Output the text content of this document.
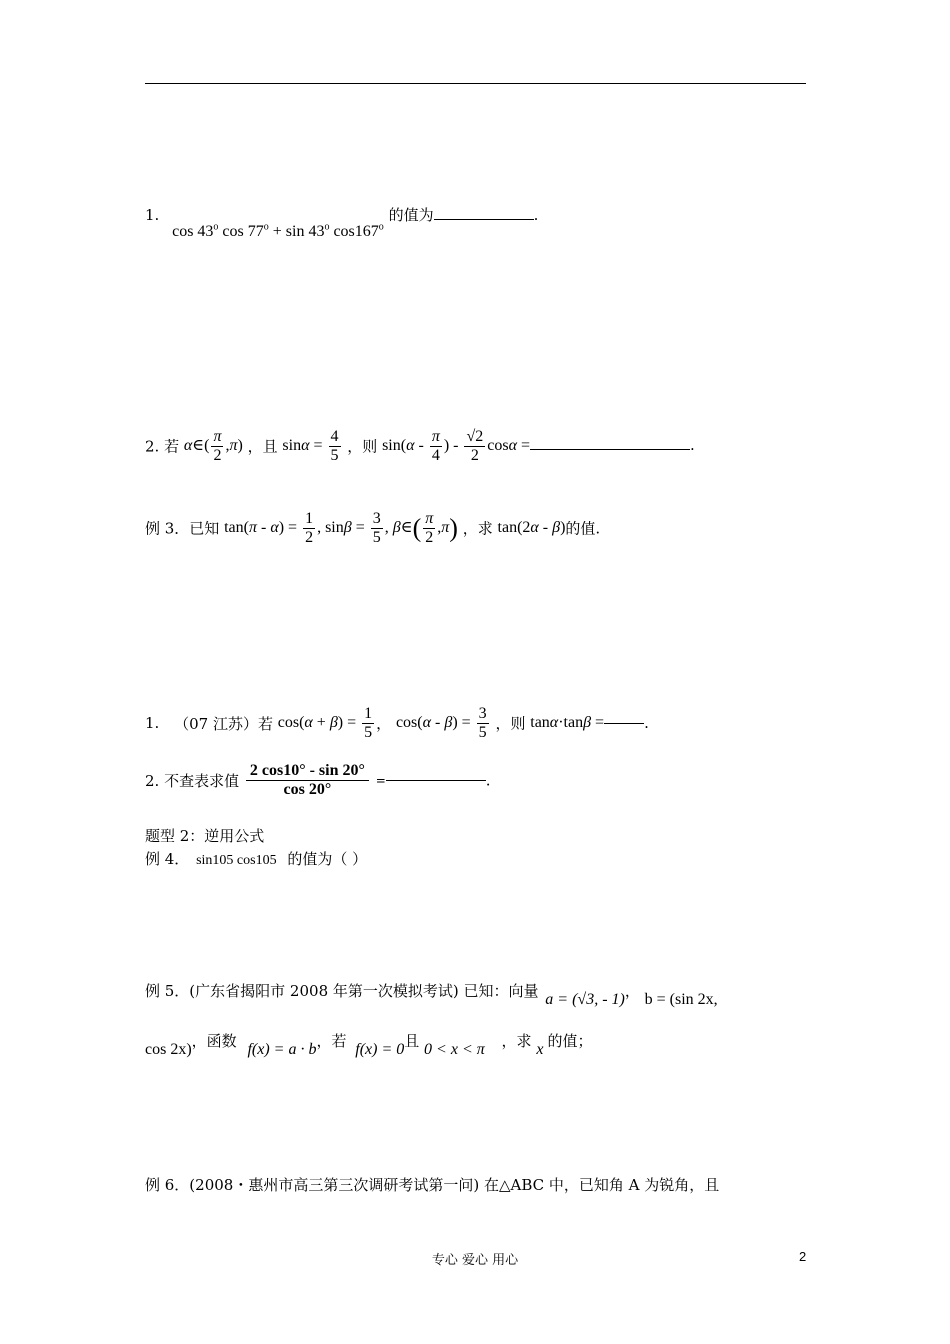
1. cos 43$^o$ $\cos 77^o + \sin 43^o$ cos167$^o$ 的值为	.
2. 若 α∈( $\frac{\pi}{2} ,\pi$) ，且 $\sin\alpha = \frac{4}{5}$ ，则 $\sin(\alpha - \frac{\pi}{4}$ ) - $\frac{√2}{2}$ cosα =	.
例 3．已知 $\tan(\pi - \alpha) = \frac{1}{2}$ , $\sin\beta = \frac{3}{5}$ , β∈( $\frac{\pi}{2} ,\pi$) ，求 tan(2α - β)的值.
1. （07 江苏）若 $\cos(\alpha + \beta) = \frac{1}{5}$ ， $\cos(\alpha - \beta) = \frac{3}{5}$ ，则 tanα·tanβ =	.
2. 不查表求值 $\frac{2 \cos 10^\circ - \sin 20^\circ}{\cos 20^\circ}$ =	.
题型 2：逆用公式
例 4． sin105 cos105 的值为（ ）
例 5．(广东省揭阳市 2008 年第一次模拟考试) 已知：向量 a = (√3, - 1)， b = (sin 2x,
cos 2x)，函数 f(x) = a · b，若 f(x) = 0且 0 < x < π ，求 x 的值；
例 6．(2008・惠州市高三第三次调研考试第一问) 在△ABC 中，已知角 A 为锐角，且
专心 爱心 用心	2
